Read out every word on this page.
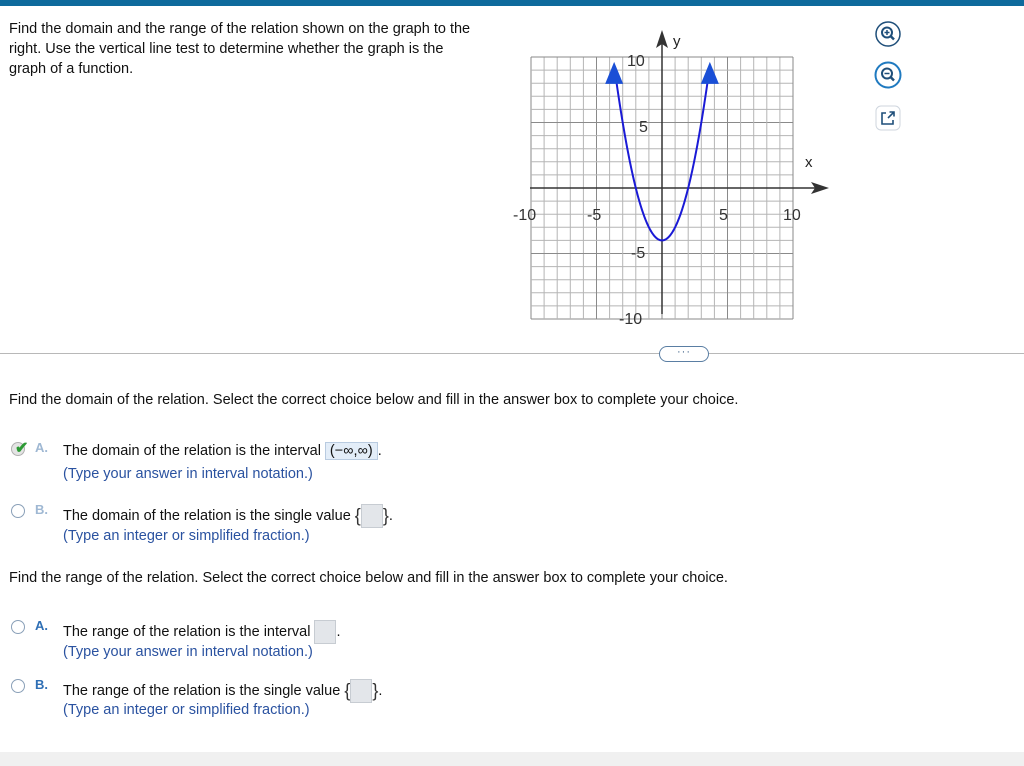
Find the domain and the range of the relation shown on the graph to the right. Use the vertical line test to determine whether the graph is the graph of a function.
x
y
-10	-5	5	10
10
5
-5
-10
···
Find the domain of the relation. Select the correct choice below and fill in the answer box to complete your choice.
✔ A. The domain of the relation is the interval (−∞,∞) .
(Type your answer in interval notation.)
B. The domain of the relation is the single value { }.
(Type an integer or simplified fraction.)
Find the range of the relation. Select the correct choice below and fill in the answer box to complete your choice.
A. The range of the relation is the interval .
(Type your answer in interval notation.)
B. The range of the relation is the single value { }.
(Type an integer or simplified fraction.)
